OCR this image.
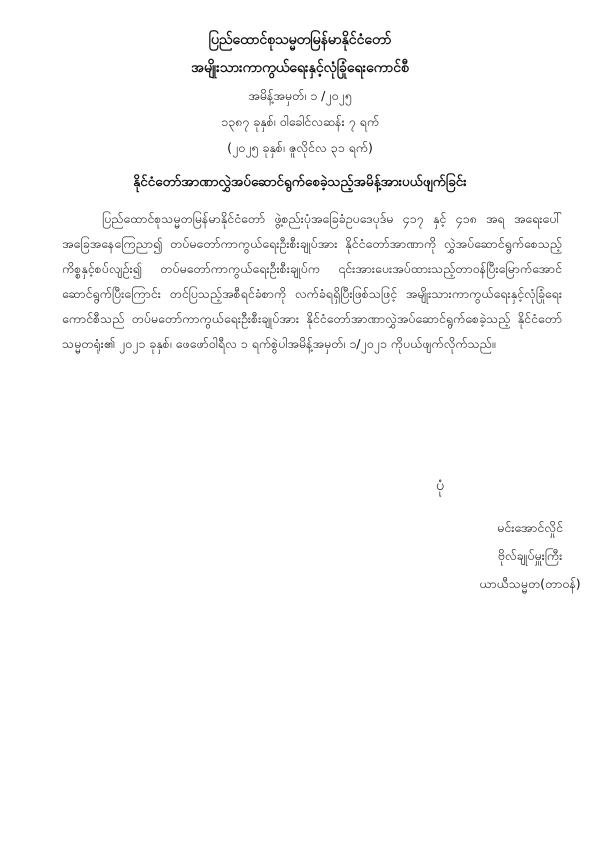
ပြည်ထောင်စုသမ္မတမြန်မာနိုင်ငံတော်
အမျိုးသားကာကွယ်ရေးနှင့်လုံခြုံရေးကောင်စီ
အမိန့်အမှတ်၊ ၁ /၂၀၂၅
၁၃၈၇ ခုနှစ်၊ ဝါခေါင်လဆန်း ၇ ရက်
(၂၀၂၅ ခုနှစ်၊ ဇူလိုင်လ ၃၁ ရက်)
နိုင်ငံတော်အာဏာလွှဲအပ်ဆောင်ရွက်စေခဲ့သည့်အမိန့်အားပယ်ဖျက်ခြင်း
ပြည်ထောင်စုသမ္မတမြန်မာနိုင်ငံတော် ဖွဲ့စည်းပုံအခြေခံဥပဒေပုဒ်မ ၄၁၇ နှင့် ၄၁၈ အရ အရေးပေါ်အခြေအနေကြေညာ၍ တပ်မတော်ကာကွယ်ရေးဦးစီးချုပ်အား နိုင်ငံတော်အာဏာကို လွှဲအပ်ဆောင်ရွက်စေသည့်ကိစ္စနှင့်စပ်လျဉ်း၍ တပ်မတော်ကာကွယ်ရေးဦးစီးချုပ်က ၎င်းအားပေးအပ်ထားသည့်တာဝန်ပြီးမြောက်အောင် ဆောင်ရွက်ပြီးကြောင်း တင်ပြသည့်အစီရင်ခံစာကို လက်ခံရရှိပြီးဖြစ်သဖြင့် အမျိုးသားကာကွယ်ရေးနှင့်လုံခြုံရေးကောင်စီသည် တပ်မတော်ကာကွယ်ရေးဦးစီးချုပ်အား နိုင်ငံတော်အာဏာလွှဲအပ်ဆောင်ရွက်စေခဲ့သည့် နိုင်ငံတော်သမ္မတရုံး၏ ၂၀၂၁ ခုနှစ်၊ ဖေဖော်ဝါရီလ ၁ ရက်စွဲပါအမိန့်အမှတ်၊ ၁/၂၀၂၁ ကိုပယ်ဖျက်လိုက်သည်။
ပုံ
မင်းအောင်လှိုင်
ဗိုလ်ချုပ်မှူးကြီး
ယာယီသမ္မတ(တာဝန်)
